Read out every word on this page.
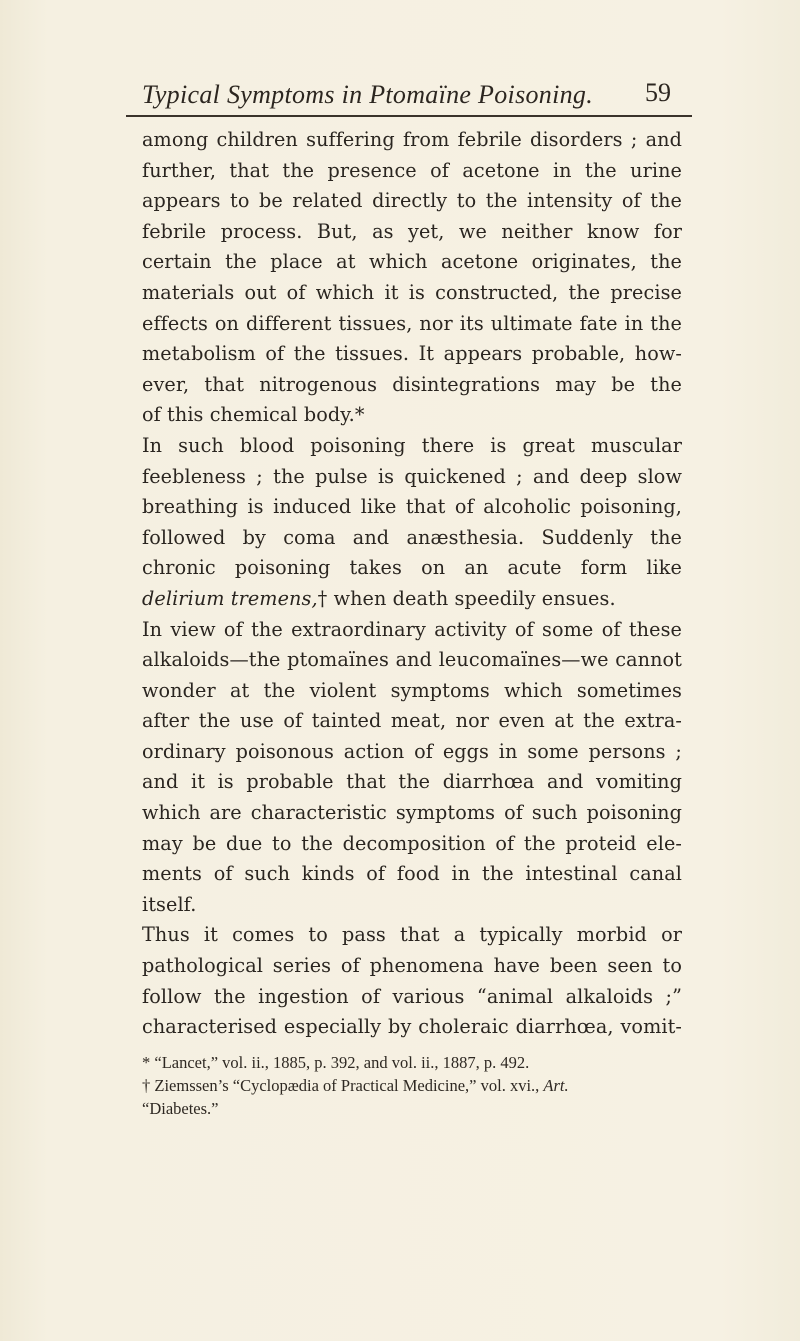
Typical Symptoms in Ptomaïne Poisoning. 59
among children suffering from febrile disorders ; and
further, that the presence of acetone in the urine
appears to be related directly to the intensity of the
febrile process. But, as yet, we neither know for
certain the place at which acetone originates, the
materials out of which it is constructed, the precise
effects on different tissues, nor its ultimate fate in the
metabolism of the tissues. It appears probable, how-
ever, that nitrogenous disintegrations may be the
of this chemical body.*
In such blood poisoning there is great muscular
feebleness ; the pulse is quickened ; and deep slow
breathing is induced like that of alcoholic poisoning,
followed by coma and anæsthesia. Suddenly the
chronic poisoning takes on an acute form like
delirium tremens,† when death speedily ensues.
In view of the extraordinary activity of some of these
alkaloids—the ptomaïnes and leucomaïnes—we cannot
wonder at the violent symptoms which sometimes
after the use of tainted meat, nor even at the extra-
ordinary poisonous action of eggs in some persons ;
and it is probable that the diarrhœa and vomiting
which are characteristic symptoms of such poisoning
may be due to the decomposition of the proteid ele-
ments of such kinds of food in the intestinal canal
itself.
Thus it comes to pass that a typically morbid or
pathological series of phenomena have been seen to
follow the ingestion of various “animal alkaloids ;”
characterised especially by choleraic diarrhœa, vomit-
* “Lancet,” vol. ii., 1885, p. 392, and vol. ii., 1887, p. 492.
† Ziemssen’s “Cyclopædia of Practical Medicine,” vol. xvi., Art.
“Diabetes.”
